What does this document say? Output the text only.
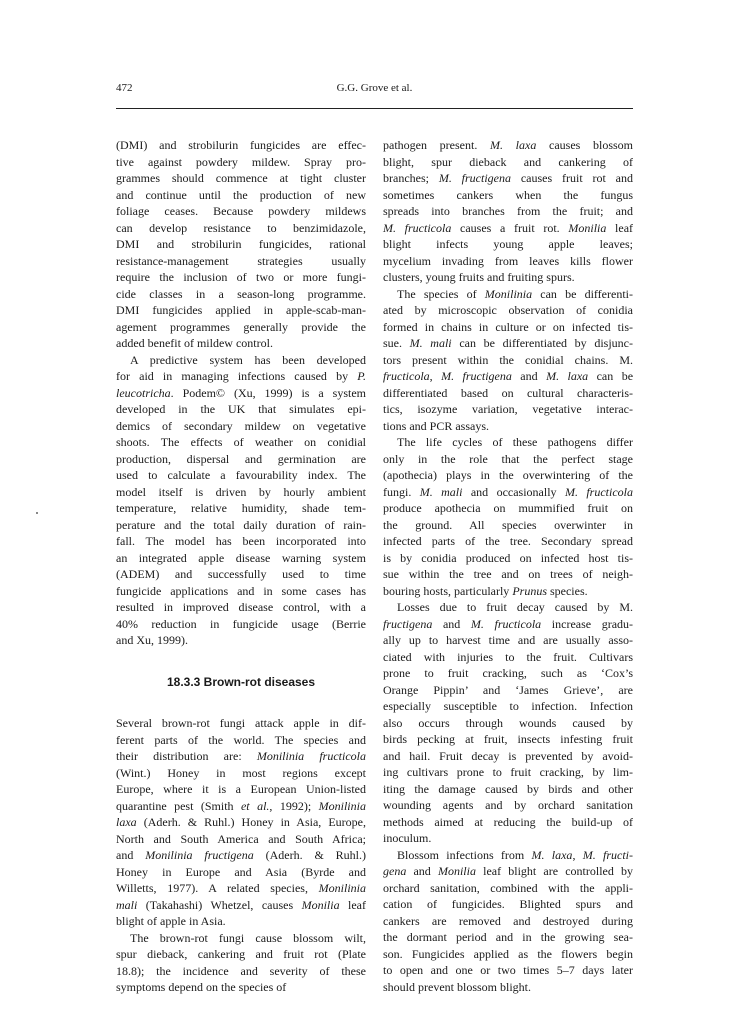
472	G.G. Grove et al.
(DMI) and strobilurin fungicides are effec-
tive against powdery mildew. Spray pro-
grammes should commence at tight cluster
and continue until the production of new
foliage ceases. Because powdery mildews
can develop resistance to benzimidazole,
DMI and strobilurin fungicides, rational
resistance-management strategies usually
require the inclusion of two or more fungi-
cide classes in a season-long programme.
DMI fungicides applied in apple-scab-man-
agement programmes generally provide the
added benefit of mildew control.
A predictive system has been developed
for aid in managing infections caused by P.
leucotricha. Podem© (Xu, 1999) is a system
developed in the UK that simulates epi-
demics of secondary mildew on vegetative
shoots. The effects of weather on conidial
production, dispersal and germination are
used to calculate a favourability index. The
model itself is driven by hourly ambient
temperature, relative humidity, shade tem-
perature and the total daily duration of rain-
fall. The model has been incorporated into
an integrated apple disease warning system
(ADEM) and successfully used to time
fungicide applications and in some cases has
resulted in improved disease control, with a
40% reduction in fungicide usage (Berrie
and Xu, 1999).

18.3.3 Brown-rot diseases

Several brown-rot fungi attack apple in dif-
ferent parts of the world. The species and
their distribution are: Monilinia fructicola
(Wint.) Honey in most regions except
Europe, where it is a European Union-listed
quarantine pest (Smith et al., 1992); Monilinia
laxa (Aderh. & Ruhl.) Honey in Asia, Europe,
North and South America and South Africa;
and Monilinia fructigena (Aderh. & Ruhl.)
Honey in Europe and Asia (Byrde and
Willetts, 1977). A related species, Monilinia
mali (Takahashi) Whetzel, causes Monilia leaf
blight of apple in Asia.
The brown-rot fungi cause blossom wilt,
spur dieback, cankering and fruit rot (Plate
18.8); the incidence and severity of these
symptoms depend on the species of
pathogen present. M. laxa causes blossom
blight, spur dieback and cankering of
branches; M. fructigena causes fruit rot and
sometimes cankers when the fungus
spreads into branches from the fruit; and
M. fructicola causes a fruit rot. Monilia leaf
blight infects young apple leaves;
mycelium invading from leaves kills flower
clusters, young fruits and fruiting spurs.
The species of Monilinia can be differenti-
ated by microscopic observation of conidia
formed in chains in culture or on infected tis-
sue. M. mali can be differentiated by disjunc-
tors present within the conidial chains. M.
fructicola, M. fructigena and M. laxa can be
differentiated based on cultural characteris-
tics, isozyme variation, vegetative interac-
tions and PCR assays.
The life cycles of these pathogens differ
only in the role that the perfect stage
(apothecia) plays in the overwintering of the
fungi. M. mali and occasionally M. fructicola
produce apothecia on mummified fruit on
the ground. All species overwinter in
infected parts of the tree. Secondary spread
is by conidia produced on infected host tis-
sue within the tree and on trees of neigh-
bouring hosts, particularly Prunus species.
Losses due to fruit decay caused by M.
fructigena and M. fructicola increase gradu-
ally up to harvest time and are usually asso-
ciated with injuries to the fruit. Cultivars
prone to fruit cracking, such as ‘Cox’s
Orange Pippin’ and ‘James Grieve’, are
especially susceptible to infection. Infection
also occurs through wounds caused by
birds pecking at fruit, insects infesting fruit
and hail. Fruit decay is prevented by avoid-
ing cultivars prone to fruit cracking, by lim-
iting the damage caused by birds and other
wounding agents and by orchard sanitation
methods aimed at reducing the build-up of
inoculum.
Blossom infections from M. laxa, M. fructi-
gena and Monilia leaf blight are controlled by
orchard sanitation, combined with the appli-
cation of fungicides. Blighted spurs and
cankers are removed and destroyed during
the dormant period and in the growing sea-
son. Fungicides applied as the flowers begin
to open and one or two times 5–7 days later
should prevent blossom blight.
